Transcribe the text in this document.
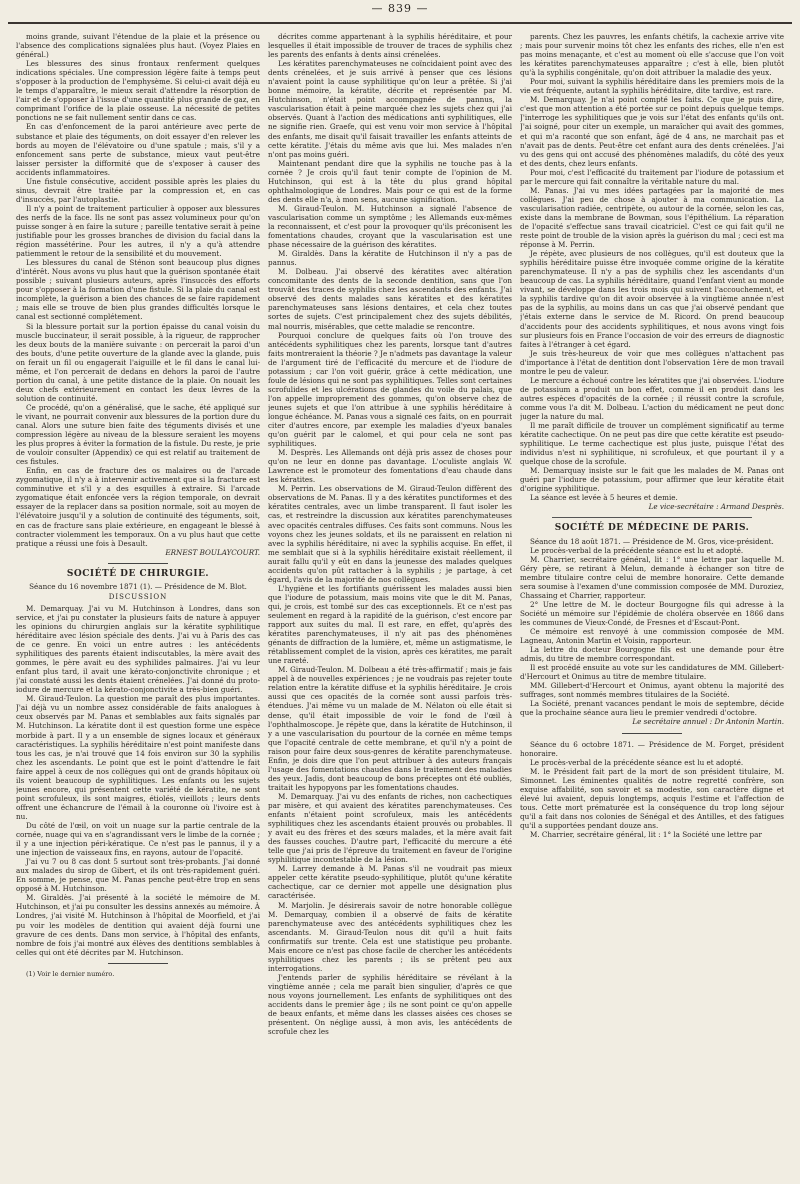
— 839 —

moins grande, suivant l'étendue de la plaie et la présence ou l'absence des complications signalées plus haut. (Voyez Plaies en général.)

Les blessures des sinus frontaux renferment quelques indications spéciales. Une compression légère faite à temps peut s'opposer à la production de l'emphysème. Si celui-ci avait déjà eu le temps d'apparaître, le mieux serait d'attendre la résorption de l'air et de s'opposer à l'issue d'une quantité plus grande de gaz, en comprimant l'orifice de la plaie osseuse. La nécessité de petites ponctions ne se fait nullement sentir dans ce cas.

En cas d'enfoncement de la paroi antérieure avec perte de substance et plaie des téguments, on doit essayer d'en relever les bords au moyen de l'élévatoire ou d'une spatule ; mais, s'il y a enfoncement sans perte de substance, mieux vaut peut-être laisser persister la difformité que de s'exposer à causer des accidents inflammatoires.

Une fistule consécutive, accident possible après les plaies du sinus, devrait être traitée par la compression et, en cas d'insuccès, par l'autoplastie.

Il n'y a point de traitement particulier à opposer aux blessures des nerfs de la face. Ils ne sont pas assez volumineux pour qu'on puisse songer à en faire la suture ; pareille tentative serait à peine justifiable pour les grosses branches de division du facial dans la région massétérine. Pour les autres, il n'y a qu'à attendre patiemment le retour de la sensibilité et du mouvement.

Les blessures du canal de Sténon sont beaucoup plus dignes d'intérêt. Nous avons vu plus haut que la guérison spontanée était possible ; suivant plusieurs auteurs, après l'insuccès des efforts pour s'opposer à la formation d'une fistule. Si la plaie du canal est incomplète, la guérison a bien des chances de se faire rapidement ; mais elle se trouve de bien plus grandes difficultés lorsque le canal est sectionné complétement.

Si la blessure portait sur la portion épaisse du canal voisin du muscle buccinateur, il serait possible, à la rigueur, de rapprocher les deux bouts de la manière suivante : on percerait la paroi d'un des bouts, d'une petite ouverture de la glande avec la glande, puis on ferait un fil ou engagerait l'aiguille et le fil dans le canal lui-même, et l'on percerait de dedans en dehors la paroi de l'autre portion du canal, à une petite distance de la plaie. On nouait les deux chefs extérieurement en contact les deux lèvres de la solution de continuité.

Ce procédé, qu'on a généralisé, que le sache, été appliqué sur le vivant, ne pourrait convenir aux blessures de la portion dure du canal. Alors une suture bien faite des téguments divisés et une compression légère au niveau de la blessure seraient les moyens les plus propres à éviter la formation de la fistule. Du reste, je prie de vouloir consulter (Appendix) ce qui est relatif au traitement de ces fistules.

Enfin, en cas de fracture des os malaires ou de l'arcade zygomatique, il n'y a à intervenir activement que si la fracture est comminutive et s'il y a des esquilles à extraire. Si l'arcade zygomatique était enfoncée vers la région temporale, on devrait essayer de la replacer dans sa position normale, soit au moyen de l'élévatoire jusqu'il y a solution de continuité des téguments, soit, en cas de fracture sans plaie extérieure, en engageant le blessé à contracter violemment les temporaux. On a vu plus haut que cette pratique a réussi une fois à Desault.

ERNEST BOULAYCOURT.

SOCIÉTÉ DE CHIRURGIE.

Séance du 16 novembre 1871 (1). — Présidence de M. Blot.

DISCUSSION

M. Demarquay. J'ai vu M. Hutchinson à Londres, dans son service, et j'ai pu constater la plusieurs faits de nature à appuyer les opinions du chirurgien anglais sur la kératite syphilitique héréditaire avec lésion spéciale des dents. J'ai vu à Paris des cas de ce genre. En voici un entre autres : les antécédents syphilitiques des parents étaient indiscutables, la mère avait des gommes, le père avait eu des syphilides palmaires. J'ai vu leur enfant plus tard, il avait une kérato-conjonctivite chronique ; et j'ai constaté aussi les dents étaient crénelées. J'ai donné du proto-iodure de mercure et la kérato-conjonctivite a très-bien guéri.

M. Giraud-Teulon. La question me paraît des plus importantes. J'ai déjà vu un nombre assez considérable de faits analogues à ceux observés par M. Panas et semblables aux faits signalés par M. Hutchinson. La kératite dont il est question forme une espèce morbide à part. Il y a un ensemble de signes locaux et généraux caractéristiques. La syphilis héréditaire n'est point manifeste dans tous les cas, je n'ai trouvé que 14 fois environ sur 30 la syphilis chez les ascendants. Le point que est le point d'attendre le fait faire appel à ceux de nos collègues qui ont de grands hôpitaux où ils voient beaucoup de syphilitiques. Les enfants ou les sujets jeunes encore, qui présentent cette variété de kératite, ne sont point scrofuleux, ils sont maigres, étiolés, vieillots ; leurs dents offrent une échancrure de l'émail à la couronne où l'ivoire est à nu.

Du côté de l'œil, on voit un nuage sur la partie centrale de la cornée, nuage qui va en s'agrandissant vers le limbe de la cornée ; il y a une injection péri-kératique. Ce n'est pas le pannus, il y a une injection de vaisseaux fins, en rayons, autour de l'opacité.

J'ai vu 7 ou 8 cas dont 5 surtout sont très-probants. J'ai donné aux malades du sirop de Gibert, et ils ont très-rapidement guéri. En somme, je pense, que M. Panas penche peut-être trop en sens opposé à M. Hutchinson.

M. Giraldès. J'ai présenté à la société le mémoire de M. Hutchinson, et j'ai pu consulter les dessins annexés au mémoire. À Londres, j'ai visité M. Hutchinson à l'hôpital de Moorfield, et j'ai pu voir les modèles de dentition qui avaient déjà fourni une gravure de ces dents. Dans mon service, à l'hôpital des enfants, nombre de fois j'ai montré aux élèves des dentitions semblables à celles qui ont été décrites par M. Hutchinson.

(1) Voir le dernier numéro.

décrites comme appartenant à la syphilis héréditaire, et pour lesquelles il était impossible de trouver de traces de syphilis chez les parents des enfants à dents ainsi crénelées.

Les kératites parenchymateuses ne coïncidaient point avec des dents crénelées, et je suis arrivé à penser que ces lésions n'avaient point la cause syphilitique qu'on leur a prêtée. Si j'ai bonne mémoire, la kératite, décrite et représentée par M. Hutchinson, n'était point accompagnée de pannus, la vascularisation était à peine marquée chez les sujets chez qui j'ai observés. Quant à l'action des médications anti syphilitiques, elle ne signifie rien. Graefe, qui est venu voir mon service à l'hôpital des enfants, me disait qu'il faisait travailler les enfants atteints de cette kératite. J'étais du même avis que lui. Mes malades n'en n'ont pas moins guéri.

Maintenant pendant dire que la syphilis ne touche pas à la cornée ? Je crois qu'il faut tenir compte de l'opinion de M. Hutchinson, qui est à la tête du plus grand hôpital ophthalmologique de Londres. Mais pour ce qui est de la forme des dents elle n'a, à mon sens, aucune signification.

M. Giraud-Teulon. M. Hutchinson a signalé l'absence de vascularisation comme un symptôme ; les Allemands eux-mêmes la reconnaissent, et c'est pour la provoquer qu'ils préconisent les fomentations chaudes, croyant que la vascularisation est une phase nécessaire de la guérison des kératites.

M. Giraldès. Dans la kératite de Hutchinson il n'y a pas de pannus.

M. Dolbeau. J'ai observé des kératites avec altération concomitante des dents de la seconde dentition, sans que l'on trouvât des traces de syphilis chez les ascendants des enfants. J'ai observé des dents malades sans kératites et des kératites parenchymateuses sans lésions dentaires, et cela chez toutes sortes de sujets. C'est principalement chez des sujets débilités, mal nourris, misérables, que cette maladie se rencontre.

Pourquoi conclure de quelques faits où l'on trouve des antécédents syphilitiques chez les parents, lorsque tant d'autres faits montreraient la théorie ? Je n'admets pas davantage la valeur de l'argument tiré de l'efficacité du mercure et de l'iodure de potassium ; car l'on voit guérir, grâce à cette médication, une foule de lésions qui ne sont pas syphilitiques. Telles sont certaines scrofulides et les ulcérations de glandes du voile du palais, que l'on appelle improprement des gommes, qu'on observe chez de jeunes sujets et que l'on attribue à une syphilis héréditaire à longue échéance. M. Panas vous a signalé ces faits, on en pourrait citer d'autres encore, par exemple les maladies d'yeux banales qu'on guérit par le calomel, et qui pour cela ne sont pas syphilitiques.

M. Desprès. Les Allemands ont déjà pris assez de choses pour qu'on ne leur en donne pas davantage. L'oculiste anglais W. Lawrence est le promoteur des fomentations d'eau chaude dans les kératites.

M. Perrin. Les observations de M. Giraud-Teulon diffèrent des observations de M. Panas. Il y a des kératites punctiformes et des kératites centrales, avec un limbe transparent. Il faut isoler les cas, et restreindre la discussion aux kératites parenchymateuses avec opacités centrales diffuses. Ces faits sont communs. Nous les voyons chez les jeunes soldats, et ils ne paraissent en relation ni avec la syphilis héréditaire, ni avec la syphilis acquise. En effet, il me semblait que si à la syphilis héréditaire existait réellement, il aurait fallu qu'il y eût en dans la jeunesse des malades quelques accidents qu'on pût rattacher à la syphilis ; je partage, à cet égard, l'avis de la majorité de nos collègues.

L'hygiène et les fortifiants guérissent les malades aussi bien que l'iodure de potassium, mais moins vite que le dit M. Panas, qui, je crois, est tombé sur des cas exceptionnels. Et ce n'est pas seulement en regard à la rapidité de la guérison, c'est encore par rapport aux suites du mal. Il est rare, en effet, qu'après des kératites parenchymateuses, il n'y ait pas des phénomènes génants de diffraction de la lumière, et, même un astigmatisme, le rétablissement complet de la vision, après ces kératites, me paraît une rareté.

M. Giraud-Teulon. M. Dolbeau a été très-affirmatif ; mais je fais appel à de nouvelles expériences ; je ne voudrais pas rejeter toute relation entre la kératite diffuse et la syphilis héréditaire. Je crois aussi que ces opacités de la cornée sont aussi parfois très-étendues. J'ai même vu un malade de M. Nélaton où elle était si dense, qu'il était impossible de voir le fond de l'œil à l'ophthalmoscope. Je répète que, dans la kératite de Hutchinson, il y a une vascularisation du pourtour de la cornée en même temps que l'opacité centrale de cette membrane, et qu'il n'y a point de raison pour faire deux sous-genres de kératite parenchymateuse. Enfin, je dois dire que l'on peut attribuer à des auteurs français l'usage des fomentations chaudes dans le traitement des maladies des yeux. Jadis, dont beaucoup de bons préceptes ont été oubliés, traitait les hypopyons par les fomentations chaudes.

M. Demarquay. J'ai vu des enfants de riches, non cachectiques par misère, et qui avaient des kératites parenchymateuses. Ces enfants n'étaient point scrofuleux, mais les antécédents syphilitiques chez les ascendants étaient prouvés ou probables. Il y avait eu des frères et des sœurs malades, et la mère avait fait des fausses couches. D'autre part, l'efficacité du mercure a été telle que j'ai pris de l'épreuve du traitement en faveur de l'origine syphilitique incontestable de la lésion.

M. Larrey demande à M. Panas s'il ne voudrait pas mieux appeler cette kératite pseudo-syphilitique, plutôt qu'une kératite cachectique, car ce dernier mot appelle une désignation plus caractérisée.

M. Marjolin. Je désirerais savoir de notre honorable collègue M. Demarquay, combien il a observé de faits de kératite parenchymateuse avec des antécédents syphilitiques chez les ascendants. M. Giraud-Teulon nous dit qu'il a huit faits confirmatifs sur trente. Cela est une statistique peu probante. Mais encore ce n'est pas chose facile de chercher les antécédents syphilitiques chez les parents ; ils se prêtent peu aux interrogations.

J'entends parler de syphilis héréditaire se révélant à la vingtième année ; cela me paraît bien singulier, d'après ce que nous voyons journellement. Les enfants de syphilitiques ont des accidents dans le premier âge ; ils ne sont point ce qu'on appelle de beaux enfants, et même dans les classes aisées ces choses se présentent. On néglige aussi, à mon avis, les antécédents de scrofule chez les

parents. Chez les pauvres, les enfants chétifs, la cachexie arrive vite ; mais pour survenir moins tôt chez les enfants des riches, elle n'en est pas moins menaçante, et c'est au moment où elle s'accuse que l'on voit les kératites parenchymateuses apparaître ; c'est à elle, bien plutôt qu'à la syphilis congénitale, qu'on doit attribuer la maladie des yeux.

Pour moi, suivant la syphilis héréditaire dans les premiers mois de la vie est fréquente, autant la syphilis héréditaire, dite tardive, est rare.

M. Demarquay. Je n'ai point compté les faits. Ce que je puis dire, c'est que mon attention a été portée sur ce point depuis quelque temps. J'interroge les syphilitiques que je vois sur l'état des enfants qu'ils ont. J'ai soigné, pour citer un exemple, un maraîcher qui avait des gommes, et qui m'a raconté que son enfant, âgé de 4 ans, ne marchait pas et n'avait pas de dents. Peut-être cet enfant aura des dents crénelées. J'ai vu des gens qui ont accusé des phénomènes maladifs, du côté des yeux et des dents, chez leurs enfants.

Pour moi, c'est l'efficacité du traitement par l'iodure de potassium et par le mercure qui fait connaître la véritable nature du mal.

M. Panas. J'ai vu mes idées partagées par la majorité de mes collègues. J'ai peu de chose à ajouter à ma communication. La vascularisation radiée, centripète, ou autour de la cornée, selon les cas, existe dans la membrane de Bowman, sous l'épithélium. La réparation de l'opacité s'effectue sans travail cicatriciel. C'est ce qui fait qu'il ne reste point de trouble de la vision après la guérison du mal ; ceci est ma réponse à M. Perrin.

Je répète, avec plusieurs de nos collègues, qu'il est douteux que la syphilis héréditaire puisse être invoquée comme origine de la kératite parenchymateuse. Il n'y a pas de syphilis chez les ascendants d'un beaucoup de cas. La syphilis héréditaire, quand l'enfant vient au monde vivant, se développe dans les trois mois qui suivent l'accouchement, et la syphilis tardive qu'on dit avoir observée à la vingtième année n'est pas de la syphilis, au moins dans un cas que j'ai observé pendant que j'étais externe dans le service de M. Ricord. On prend beaucoup d'accidents pour des accidents syphilitiques, et nous avons vingt fois sur plusieurs fois en France l'occasion de voir des erreurs de diagnostic faites à l'étranger à cet égard.

Je suis très-heureux de voir que mes collègues n'attachent pas d'importance à l'état de dentition dont l'observation 1ère de mon travail montre le peu de valeur.

Le mercure a échoué contre les kératites que j'ai observées. L'iodure de potassium a produit un bon effet, comme il en produit dans les autres espèces d'opacités de la cornée ; il réussit contre la scrofule, comme vous l'a dit M. Dolbeau. L'action du médicament ne peut donc juger la nature du mal.

Il me paraît difficile de trouver un complément significatif au terme kératite cachectique. On ne peut pas dire que cette kératite est pseudo-syphilitique. Le terme cachectique est plus juste, puisque l'état des individus n'est ni syphilitique, ni scrofuleux, et que pourtant il y a quelque chose de la scrofule.

M. Demarquay insiste sur le fait que les malades de M. Panas ont guéri par l'iodure de potassium, pour affirmer que leur kératite était d'origine syphilitique.

La séance est levée à 5 heures et demie.

Le vice-secrétaire : Armand Desprès.

SOCIÉTÉ DE MÉDECINE DE PARIS.

Séance du 18 août 1871. — Présidence de M. Gros, vice-président.

Le procès-verbal de la précédente séance est lu et adopté.

M. Charrier, secrétaire général, lit : 1° une lettre par laquelle M. Géry père, se retirant à Melun, demande à échanger son titre de membre titulaire contre celui de membre honoraire. Cette demande sera soumise à l'examen d'une commission composée de MM. Duroziez, Chassaing et Charrier, rapporteur.

2° Une lettre de M. le docteur Bourgogne fils qui adresse à la Société un mémoire sur l'épidémie de choléra observée en 1866 dans les communes de Vieux-Condé, de Fresnes et d'Escaut-Pont.

Ce mémoire est renvoyé à une commission composée de MM. Lagneau, Antonin Martin et Voisin, rapporteur.

La lettre du docteur Bourgogne fils est une demande pour être admis, du titre de membre correspondant.

Il est procédé ensuite au vote sur les candidatures de MM. Gillebert-d'Hercourt et Onimus au titre de membre titulaire.

MM. Gillebert-d'Hercourt et Onimus, ayant obtenu la majorité des suffrages, sont nommés membres titulaires de la Société.

La Société, prenant vacances pendant le mois de septembre, décide que la prochaine séance aura lieu le premier vendredi d'octobre.

Le secrétaire annuel : Dr Antonin Martin.

Séance du 6 octobre 1871. — Présidence de M. Forget, président honoraire.

Le procès-verbal de la précédente séance est lu et adopté.

M. le Président fait part de la mort de son président titulaire, M. Simonnet. Les éminentes qualités de notre regretté confrère, son exquise affabilité, son savoir et sa modestie, son caractère digne et élevé lui avaient, depuis longtemps, acquis l'estime et l'affection de tous. Cette mort prématurée est la conséquence du trop long séjour qu'il a fait dans nos colonies de Sénégal et des Antilles, et des fatigues qu'il a supportées pendant douze ans.

M. Charrier, secrétaire général, lit : 1° la Société une lettre par
